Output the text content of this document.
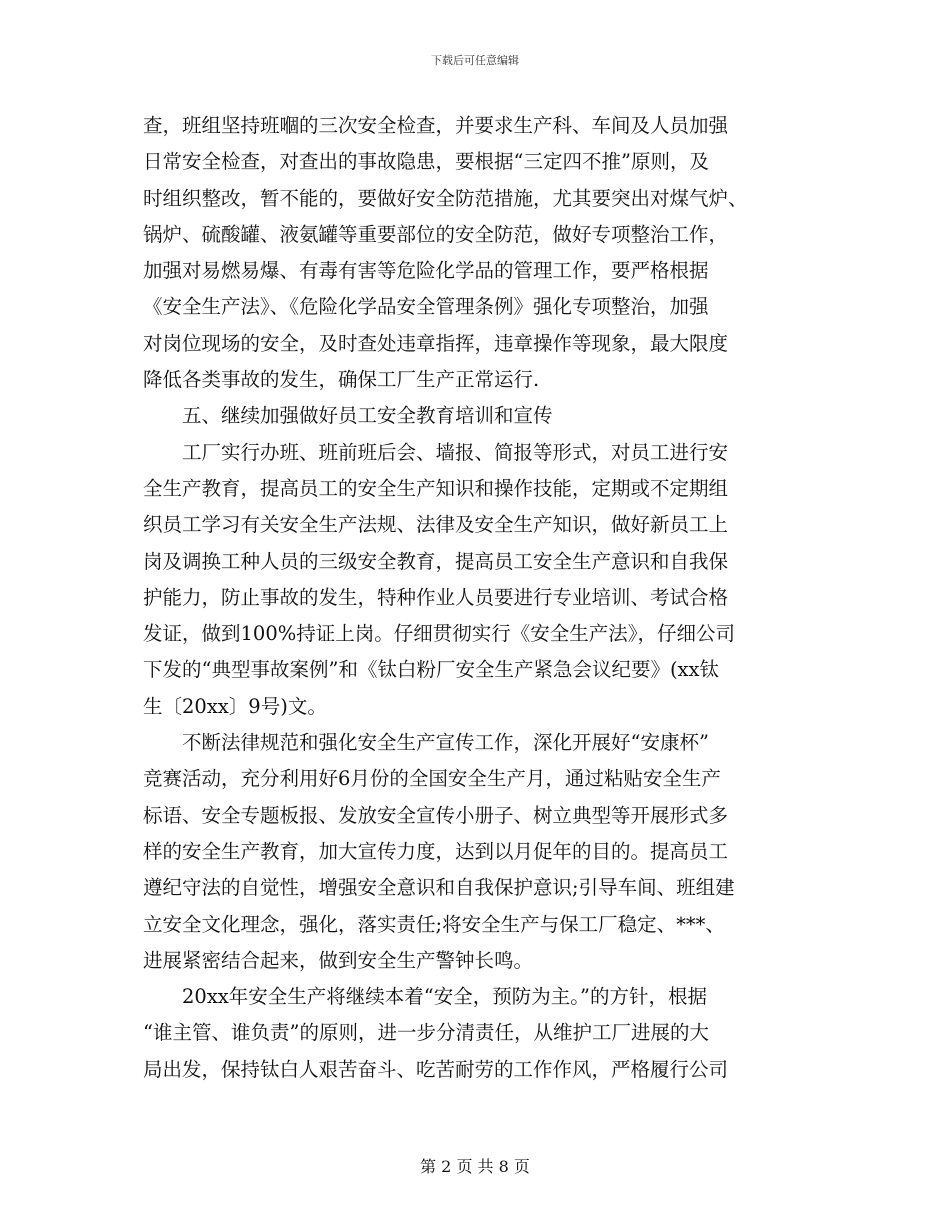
下载后可任意编辑
查，班组坚持班嗰的三次安全检查，并要求生产科、车间及人员加强
日常安全检查，对查出的事故隐患，要根据“三定四不推”原则，及
时组织整改，暂不能的，要做好安全防范措施，尤其要突出对煤气炉、
锅炉、硫酸罐、液氨罐等重要部位的安全防范，做好专项整治工作，
加强对易燃易爆、有毒有害等危险化学品的管理工作，要严格根据
《安全生产法》、《危险化学品安全管理条例》强化专项整治，加强
对岗位现场的安全，及时查处违章指挥，违章操作等现象，最大限度
降低各类事故的发生，确保工厂生产正常运行.
　　五、继续加强做好员工安全教育培训和宣传
　　工厂实行办班、班前班后会、墙报、简报等形式，对员工进行安
全生产教育，提高员工的安全生产知识和操作技能，定期或不定期组
织员工学习有关安全生产法规、法律及安全生产知识，做好新员工上
岗及调换工种人员的三级安全教育，提高员工安全生产意识和自我保
护能力，防止事故的发生，特种作业人员要进行专业培训、考试合格
发证，做到100%持证上岗。仔细贯彻实行《安全生产法》，仔细公司
下发的“典型事故案例”和《钛白粉厂安全生产紧急会议纪要》(xx钛
生〔20xx〕9号)文。
　　不断法律规范和强化安全生产宣传工作，深化开展好“安康杯”
竞赛活动，充分利用好6月份的全国安全生产月，通过粘贴安全生产
标语、安全专题板报、发放安全宣传小册子、树立典型等开展形式多
样的安全生产教育，加大宣传力度，达到以月促年的目的。提高员工
遵纪守法的自觉性，增强安全意识和自我保护意识;引导车间、班组建
立安全文化理念，强化，落实责任;将安全生产与保工厂稳定、***、
进展紧密结合起来，做到安全生产警钟长鸣。
　　20xx年安全生产将继续本着“安全，预防为主。”的方针，根据
“谁主管、谁负责”的原则，进一步分清责任，从维护工厂进展的大
局出发，保持钛白人艰苦奋斗、吃苦耐劳的工作作风，严格履行公司
第 2 页 共 8 页
